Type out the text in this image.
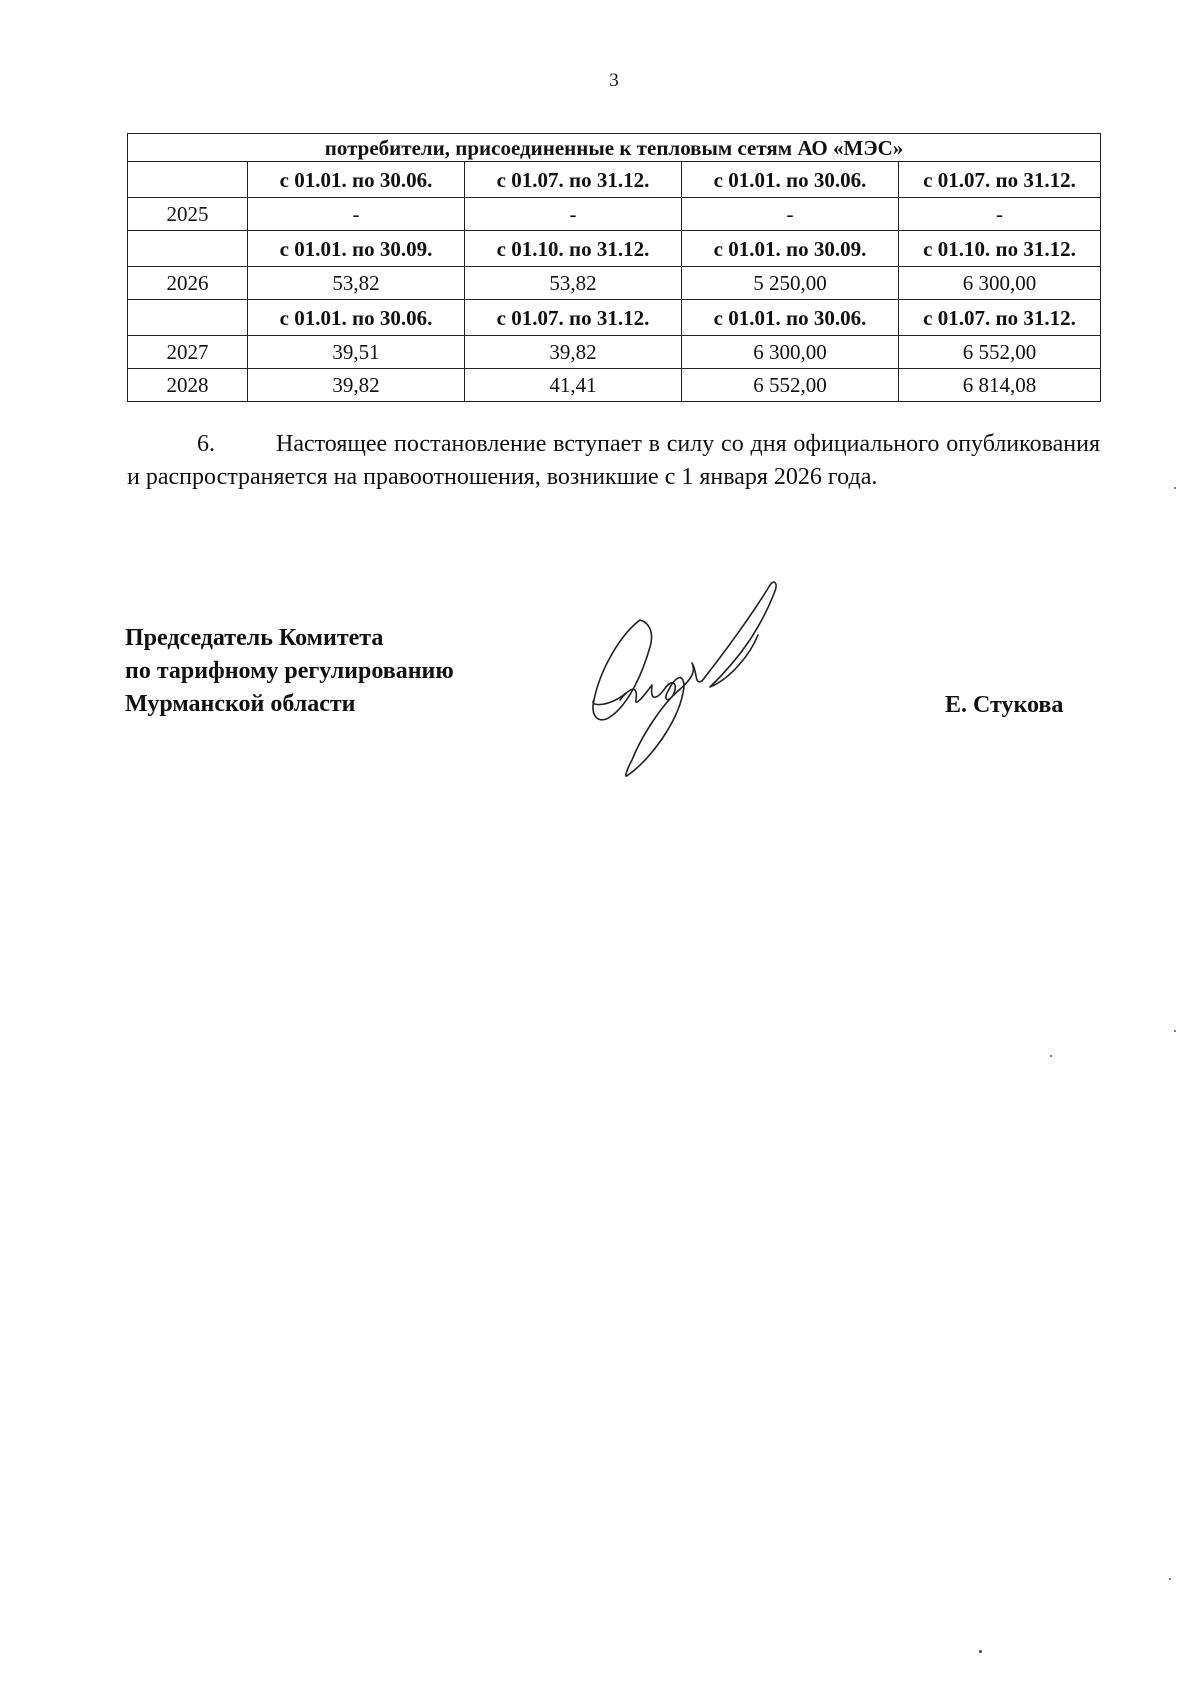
3
потребители, присоединенные к тепловым сетям АО «МЭС»				
	с 01.01. по 30.06.	с 01.07. по 31.12.	с 01.01. по 30.06.	с 01.07. по 31.12.
2025	-	-	-	-
	с 01.01. по 30.09.	с 01.10. по 31.12.	с 01.01. по 30.09.	с 01.10. по 31.12.
2026	53,82	53,82	5 250,00	6 300,00
	с 01.01. по 30.06.	с 01.07. по 31.12.	с 01.01. по 30.06.	с 01.07. по 31.12.
2027	39,51	39,82	6 300,00	6 552,00
2028	39,82	41,41	6 552,00	6 814,08
6.	Настоящее постановление вступает в силу со дня официального опубликования и распространяется на правоотношения, возникшие с 1 января 2026 года.
Председатель Комитета
по тарифному регулированию
Мурманской области	Е. Стукова
